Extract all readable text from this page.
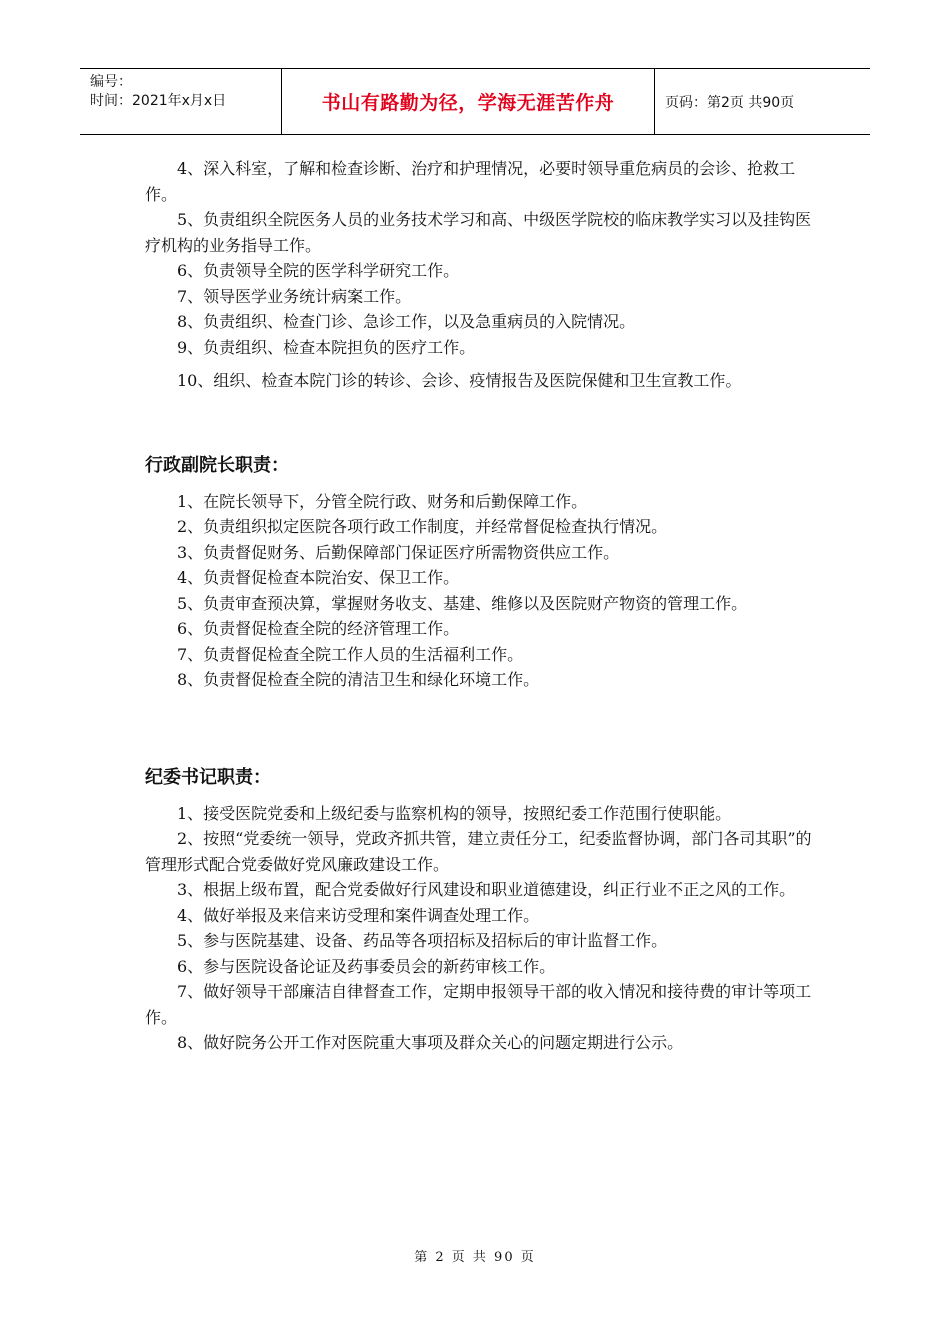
编号：
时间：2021年x月x日	书山有路勤为径，学海无涯苦作舟	页码：第2页 共90页

4、深入科室，了解和检查诊断、治疗和护理情况，必要时领导重危病员的会诊、抢救工作。

5、负责组织全院医务人员的业务技术学习和高、中级医学院校的临床教学实习以及挂钩医疗机构的业务指导工作。

6、负责领导全院的医学科学研究工作。

7、领导医学业务统计病案工作。

8、负责组织、检查门诊、急诊工作，以及急重病员的入院情况。

9、负责组织、检查本院担负的医疗工作。

10、组织、检查本院门诊的转诊、会诊、疫情报告及医院保健和卫生宣教工作。

行政副院长职责：

1、在院长领导下，分管全院行政、财务和后勤保障工作。

2、负责组织拟定医院各项行政工作制度，并经常督促检查执行情况。

3、负责督促财务、后勤保障部门保证医疗所需物资供应工作。

4、负责督促检查本院治安、保卫工作。

5、负责审查预决算，掌握财务收支、基建、维修以及医院财产物资的管理工作。

6、负责督促检查全院的经济管理工作。

7、负责督促检查全院工作人员的生活福利工作。

8、负责督促检查全院的清洁卫生和绿化环境工作。

纪委书记职责：

1、接受医院党委和上级纪委与监察机构的领导，按照纪委工作范围行使职能。

2、按照“党委统一领导，党政齐抓共管，建立责任分工，纪委监督协调，部门各司其职”的管理形式配合党委做好党风廉政建设工作。

3、根据上级布置，配合党委做好行风建设和职业道德建设，纠正行业不正之风的工作。

4、做好举报及来信来访受理和案件调查处理工作。

5、参与医院基建、设备、药品等各项招标及招标后的审计监督工作。

6、参与医院设备论证及药事委员会的新药审核工作。

7、做好领导干部廉洁自律督查工作，定期申报领导干部的收入情况和接待费的审计等项工作。

8、做好院务公开工作对医院重大事项及群众关心的问题定期进行公示。

第 2 页 共 90 页
